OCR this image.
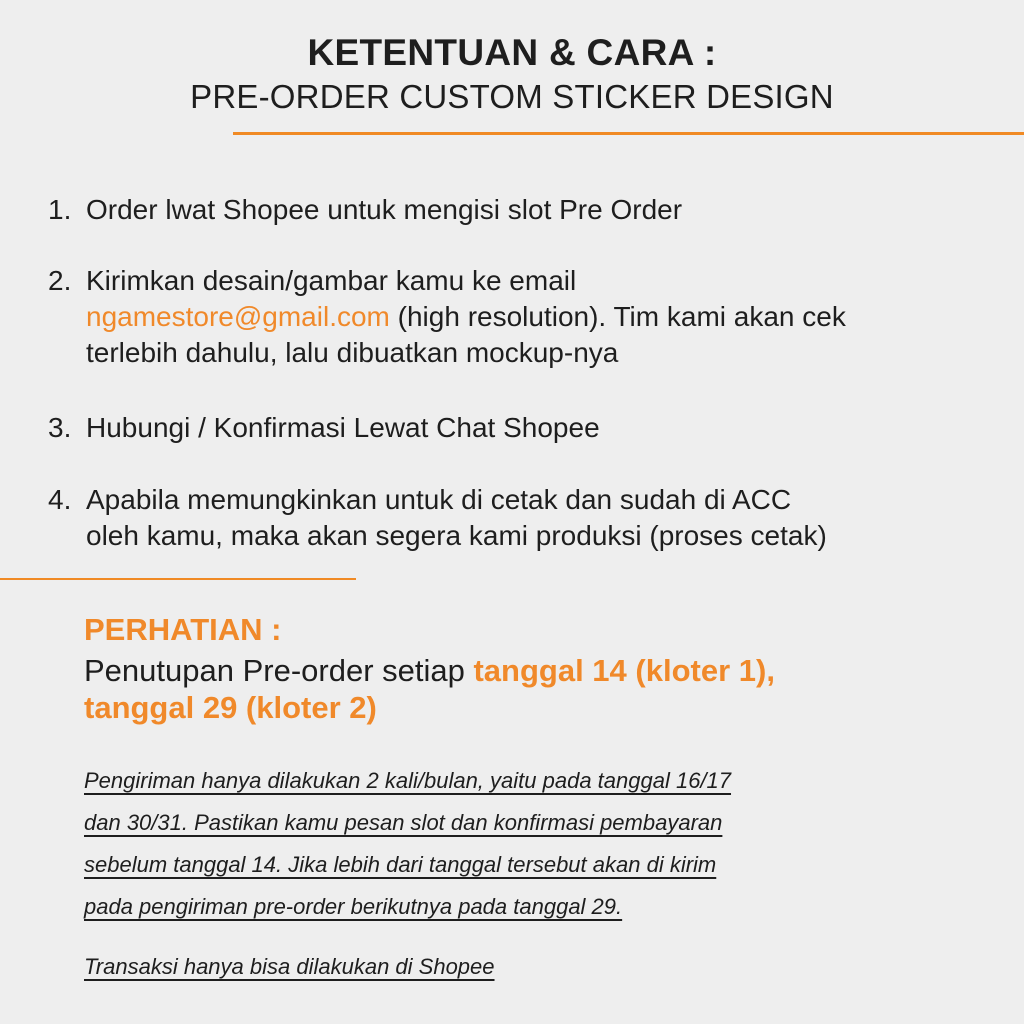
KETENTUAN & CARA :
PRE-ORDER CUSTOM STICKER DESIGN
1. Order lwat Shopee untuk mengisi slot Pre Order
2. Kirimkan desain/gambar kamu ke email
ngamestore@gmail.com (high resolution). Tim kami akan cek
terlebih dahulu, lalu dibuatkan mockup-nya
3. Hubungi / Konfirmasi Lewat Chat Shopee
4. Apabila memungkinkan untuk di cetak dan sudah di ACC
oleh kamu, maka akan segera kami produksi (proses cetak)
PERHATIAN :
Penutupan Pre-order setiap tanggal 14 (kloter 1),
tanggal 29 (kloter 2)
Pengiriman hanya dilakukan 2 kali/bulan, yaitu pada tanggal 16/17
dan 30/31. Pastikan kamu pesan slot dan konfirmasi pembayaran
sebelum tanggal 14. Jika lebih dari tanggal tersebut akan di kirim
pada pengiriman pre-order berikutnya pada tanggal 29.
Transaksi hanya bisa dilakukan di Shopee
